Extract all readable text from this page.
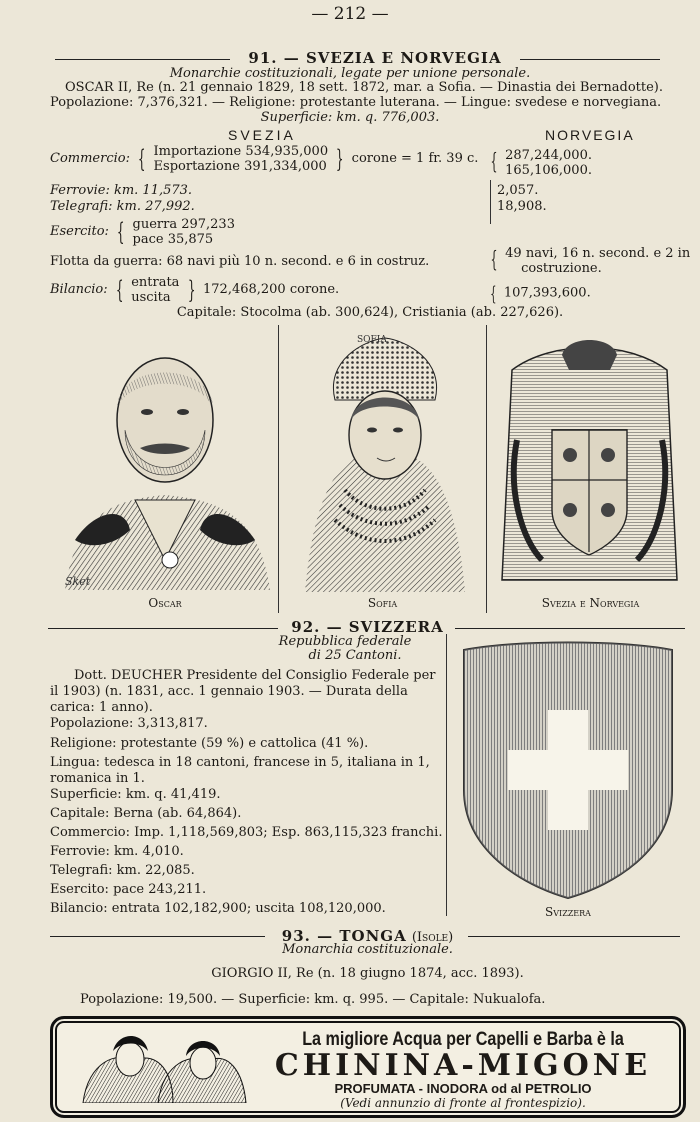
— 212 —
91. — SVEZIA E NORVEGIA
Monarchie costituzionali, legate per unione personale.
OSCAR II, Re (n. 21 gennaio 1829, 18 sett. 1872, mar. a Sofia. — Dinastia dei Bernadotte).
Popolazione: 7,376,321. — Religione: protestante luterana. — Lingue: svedese e norvegiana.
Superficie: km. q. 776,003.
SVEZIA	NORVEGIA
Commercio: { Importazione 534,935,000
Esportazione 391,334,000 } corone = 1 fr. 39 c. { 287,244,000.
165,106,000.
Ferrovie: km. 11,573.	2,057.
Telegrafi: km. 27,992.	18,908.
Esercito: { guerra 297,233
pace 35,875
Flotta da guerra: 68 navi più 10 n. second. e 6 in costruz.	{ 49 navi, 16 n. second. e 2 in
costruzione.
Bilancio: { entrata
uscita } 172,468,200 corone.	{ 107,393,600.
Capitale: Stocolma (ab. 300,624), Cristiania (ab. 227,626).
Sket
SOFIA
Oscar	Sofia	Svezia e Norvegia
92. — SVIZZERA
Repubblica federale
di 25 Cantoni.
Dott. DEUCHER Presidente del Consiglio Federale per il 1903) (n. 1831, acc. 1 gennaio 1903. — Durata della carica: 1 anno).
Popolazione: 3,313,817.
Religione: protestante (59 %) e cattolica (41 %).
Lingua: tedesca in 18 cantoni, francese in 5, italiana in 1, romanica in 1.
Superficie: km. q. 41,419.
Capitale: Berna (ab. 64,864).
Commercio: Imp. 1,118,569,803; Esp. 863,115,323 franchi.
Ferrovie: km. 4,010.
Telegrafi: km. 22,085.
Esercito: pace 243,211.
Bilancio: entrata 102,182,900; uscita 108,120,000.	Svizzera
93. — TONGA (Isole)
Monarchia costituzionale.
GIORGIO II, Re (n. 18 giugno 1874, acc. 1893).
Popolazione: 19,500. — Superficie: km. q. 995. — Capitale: Nukualofa.
La migliore Acqua per Capelli e Barba è la
CHININA-MIGONE
PROFUMATA - INODORA od al PETROLIO
(Vedi annunzio di fronte al frontespizio).
